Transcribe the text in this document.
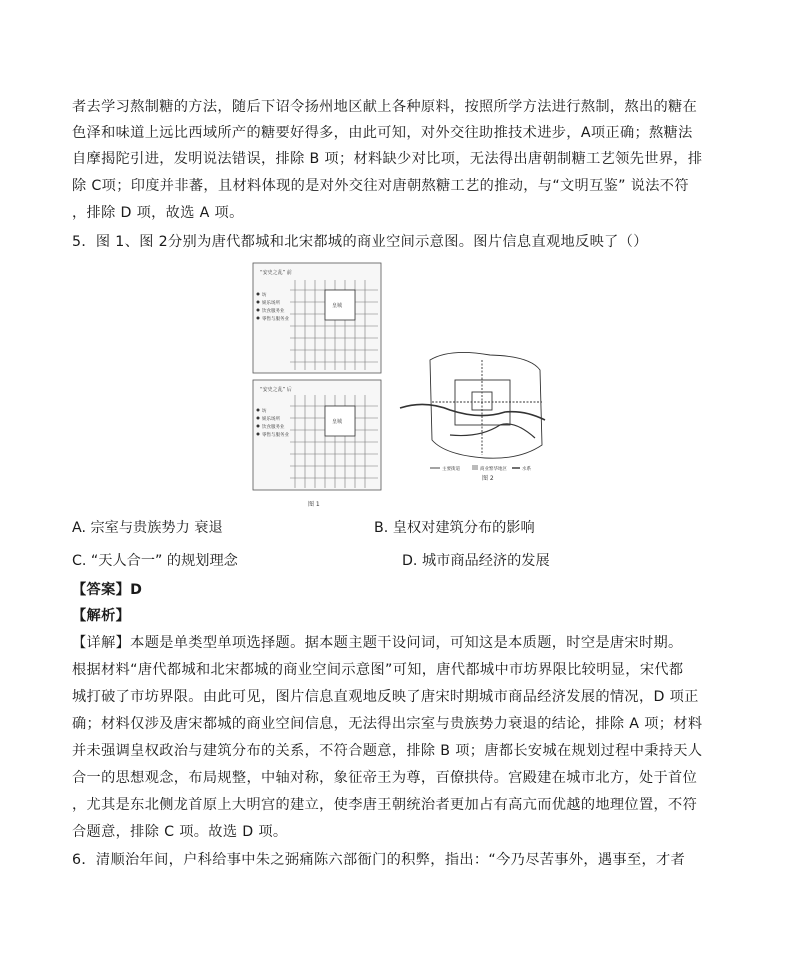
者去学习熬制糖的方法，随后下诏令扬州地区献上各种原料，按照所学方法进行熬制，熬出的糖在
色泽和味道上远比西域所产的糖要好得多，由此可知，对外交往助推技术进步，A项正确；熬糖法
自摩揭陀引进，发明说法错误，排除 B 项；材料缺少对比项，无法得出唐朝制糖工艺领先世界，排
除 C项；印度并非蕃，且材料体现的是对外交往对唐朝熬糖工艺的推动，与“文明互鉴” 说法不符
，排除 D 项，故选 A 项。
5．图 1、图 2分别为唐代都城和北宋都城的商业空间示意图。图片信息直观地反映了（）
“安史之乱” 前
皇城
坊
娱乐场所
饮食服务业
零售与服务业
“安史之乱” 后
皇城
坊
娱乐场所
饮食服务业
零售与服务业
图 1
主要街道	商业繁华地区	水系
图 2
A. 宗室与贵族势力 衰退	B. 皇权对建筑分布的影响
C. “天人合一” 的规划理念	D. 城市商品经济的发展
【答案】D
【解析】
【详解】本题是单类型单项选择题。据本题主题干设问词，可知这是本质题，时空是唐宋时期。
根据材料“唐代都城和北宋都城的商业空间示意图”可知，唐代都城中市坊界限比较明显，宋代都
城打破了市坊界限。由此可见，图片信息直观地反映了唐宋时期城市商品经济发展的情况，D 项正
确；材料仅涉及唐宋都城的商业空间信息，无法得出宗室与贵族势力衰退的结论，排除 A 项；材料
并未强调皇权政治与建筑分布的关系，不符合题意，排除 B 项；唐都长安城在规划过程中秉持天人
合一的思想观念，布局规整，中轴对称，象征帝王为尊，百僚拱侍。宫殿建在城市北方，处于首位
，尤其是东北侧龙首原上大明宫的建立，使李唐王朝统治者更加占有高亢而优越的地理位置，不符
合题意，排除 C 项。故选 D 项。
6．清顺治年间，户科给事中朱之弼痛陈六部衙门的积弊，指出：“今乃尽苦事外，遇事至，才者
